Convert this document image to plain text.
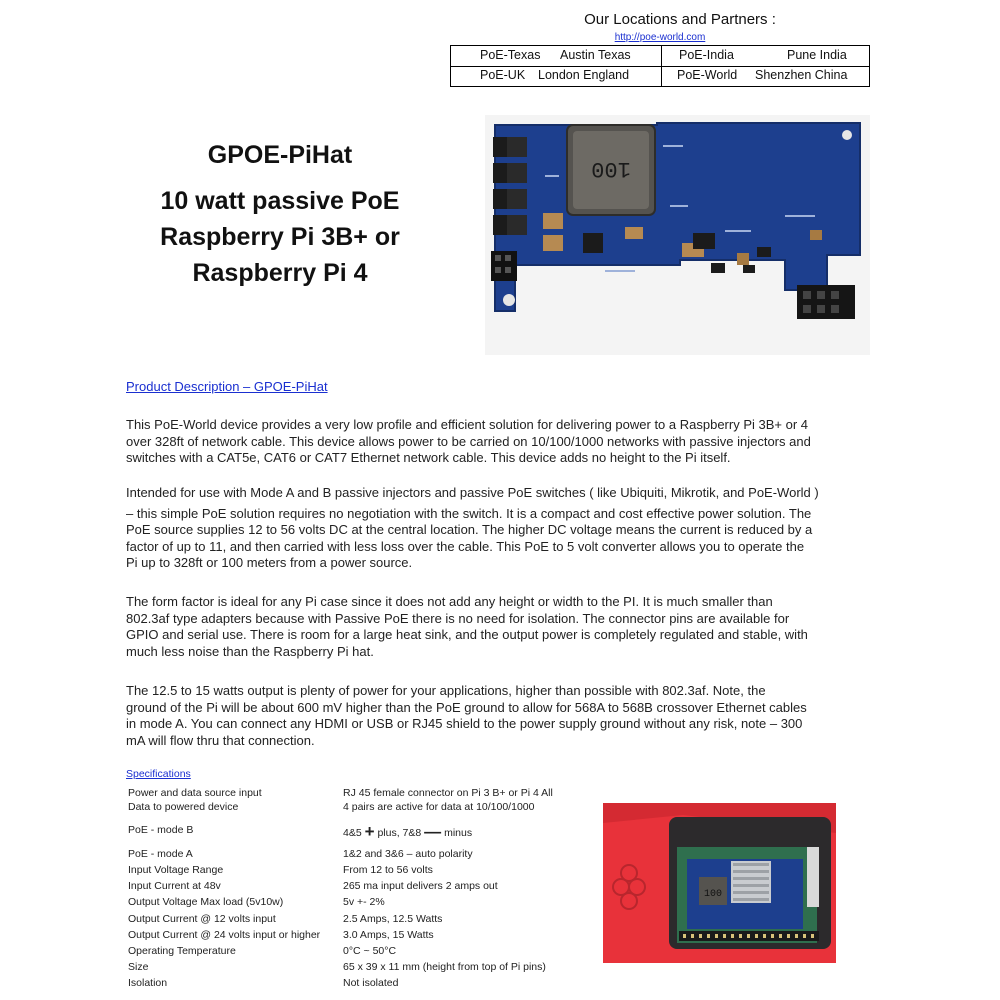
Our Locations and Partners :
http://poe-world.com
PoE-Texas Austin Texas	PoE-India	Pune India
PoE-UK London England	PoE-World Shenzhen China
GPOE-PiHat
10 watt passive PoE
Raspberry Pi 3B+ or
Raspberry Pi 4
100
Product Description – GPOE-PiHat
This PoE-World device provides a very low profile and efficient solution for delivering power to a Raspberry Pi 3B+ or 4
over 328ft of network cable. This device allows power to be carried on 10/100/1000 networks with passive injectors and
switches with a CAT5e, CAT6 or CAT7 Ethernet network cable. This device adds no height to the Pi itself.
Intended for use with Mode A and B passive injectors and passive PoE switches ( like Ubiquiti, Mikrotik, and PoE-World )
– this simple PoE solution requires no negotiation with the switch. It is a compact and cost effective power solution. The
PoE source supplies 12 to 56 volts DC at the central location. The higher DC voltage means the current is reduced by a
factor of up to 11, and then carried with less loss over the cable. This PoE to 5 volt converter allows you to operate the
Pi up to 328ft or 100 meters from a power source.
The form factor is ideal for any Pi case since it does not add any height or width to the PI. It is much smaller than
802.3af type adapters because with Passive PoE there is no need for isolation. The connector pins are available for
GPIO and serial use. There is room for a large heat sink, and the output power is completely regulated and stable, with
much less noise than the Raspberry Pi hat.
The 12.5 to 15 watts output is plenty of power for your applications, higher than possible with 802.3af. Note, the
ground of the Pi will be about 600 mV higher than the PoE ground to allow for 568A to 568B crossover Ethernet cables
in mode A. You can connect any HDMI or USB or RJ45 shield to the power supply ground without any risk, note – 300
mA will flow thru that connection.
Specifications
Power and data source input	RJ 45 female connector on Pi 3 B+ or Pi 4 All
Data to powered device	4 pairs are active for data at 10/100/1000
PoE - mode B	4&5 + plus, 7&8 — minus
PoE - mode A	1&2 and 3&6 – auto polarity
Input Voltage Range	From 12 to 56 volts
Input Current at 48v	265 ma input delivers 2 amps out
Output Voltage Max load (5v10w)	5v +- 2%
Output Current @ 12 volts input	2.5 Amps, 12.5 Watts
Output Current @ 24 volts input or higher 3.0 Amps, 15 Watts
Operating Temperature	0°C ~ 50°C
Size	65 x 39 x 11 mm (height from top of Pi pins)
Isolation	Not isolated
100
